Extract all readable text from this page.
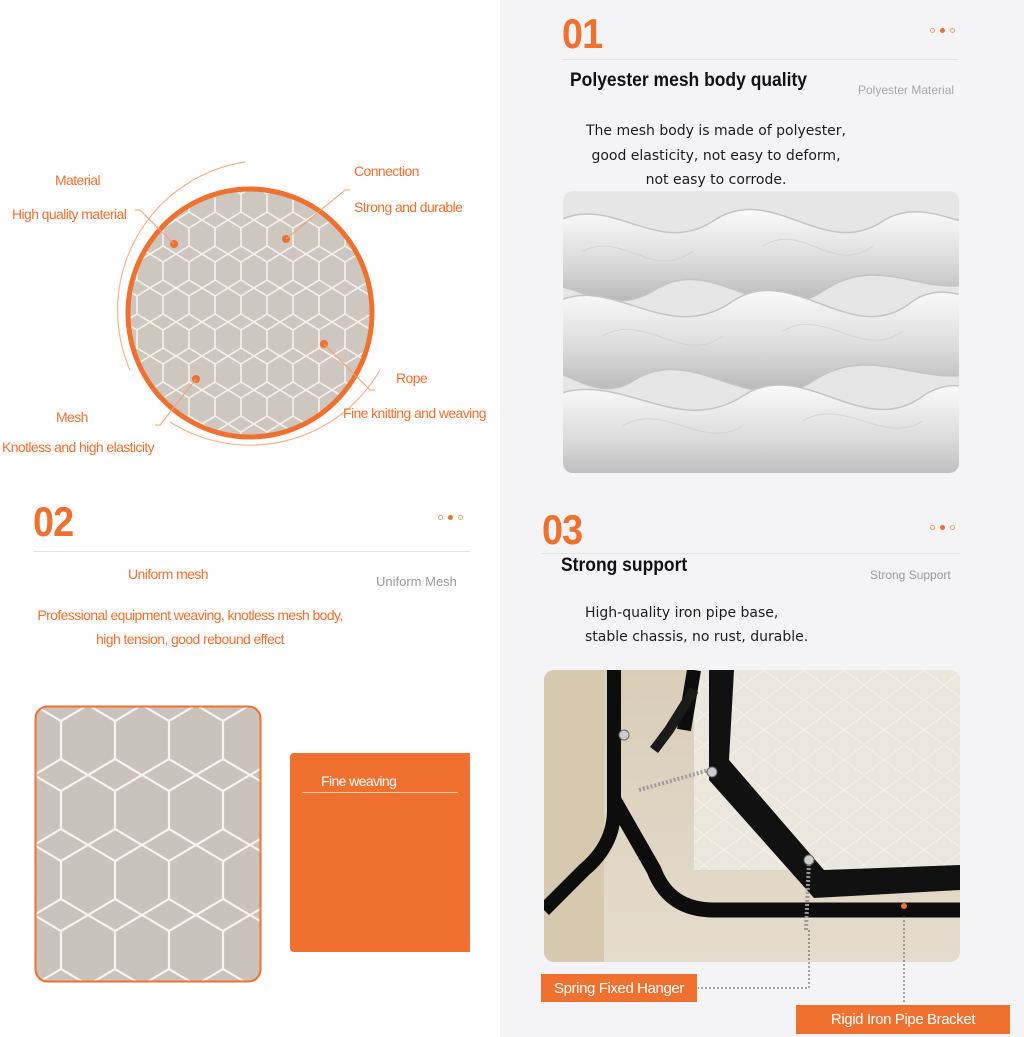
Material
High quality material
Connection
Strong and durable
Rope
Fine knitting and weaving
Mesh
Knotless and high elasticity
01
Polyester mesh body quality	Polyester Material
The mesh body is made of polyester,
good elasticity, not easy to deform,
not easy to corrode.
02
Uniform mesh	Uniform Mesh
Professional equipment weaving, knotless mesh body,
high tension, good rebound effect
Fine weaving
03
Strong support	Strong Support
High-quality iron pipe base,
stable chassis, no rust, durable.
Spring Fixed Hanger
Rigid Iron Pipe Bracket
